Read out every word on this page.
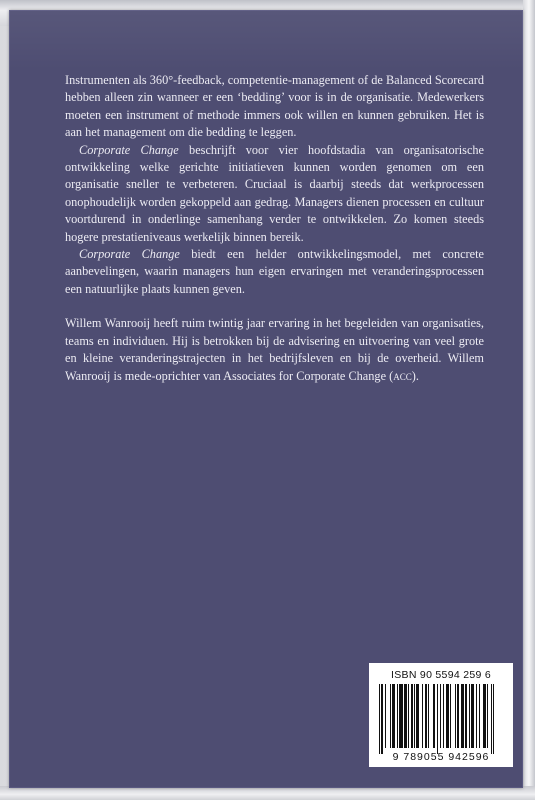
Instrumenten als 360°-feedback, competentie-management of de Balanced Scorecard hebben alleen zin wanneer er een ‘bedding’ voor is in de organisatie. Medewerkers moeten een instrument of methode immers ook willen en kunnen gebruiken. Het is aan het management om die bedding te leggen.

Corporate Change beschrijft voor vier hoofdstadia van organisatorische ontwikkeling welke gerichte initiatieven kunnen worden genomen om een organisatie sneller te verbeteren. Cruciaal is daarbij steeds dat werkprocessen onophoudelijk worden gekoppeld aan gedrag. Managers dienen processen en cultuur voortdurend in onderlinge samenhang verder te ontwikkelen. Zo komen steeds hogere prestatieniveaus werkelijk binnen bereik.

Corporate Change biedt een helder ontwikkelingsmodel, met concrete aanbevelingen, waarin managers hun eigen ervaringen met veranderingsprocessen een natuurlijke plaats kunnen geven.

Willem Wanrooij heeft ruim twintig jaar ervaring in het begeleiden van organisaties, teams en individuen. Hij is betrokken bij de advisering en uitvoering van veel grote en kleine veranderingstrajecten in het bedrijfsleven en bij de overheid. Willem Wanrooij is mede-oprichter van Associates for Corporate Change (acc).

ISBN 90 5594 259 6
9 789055 942596
